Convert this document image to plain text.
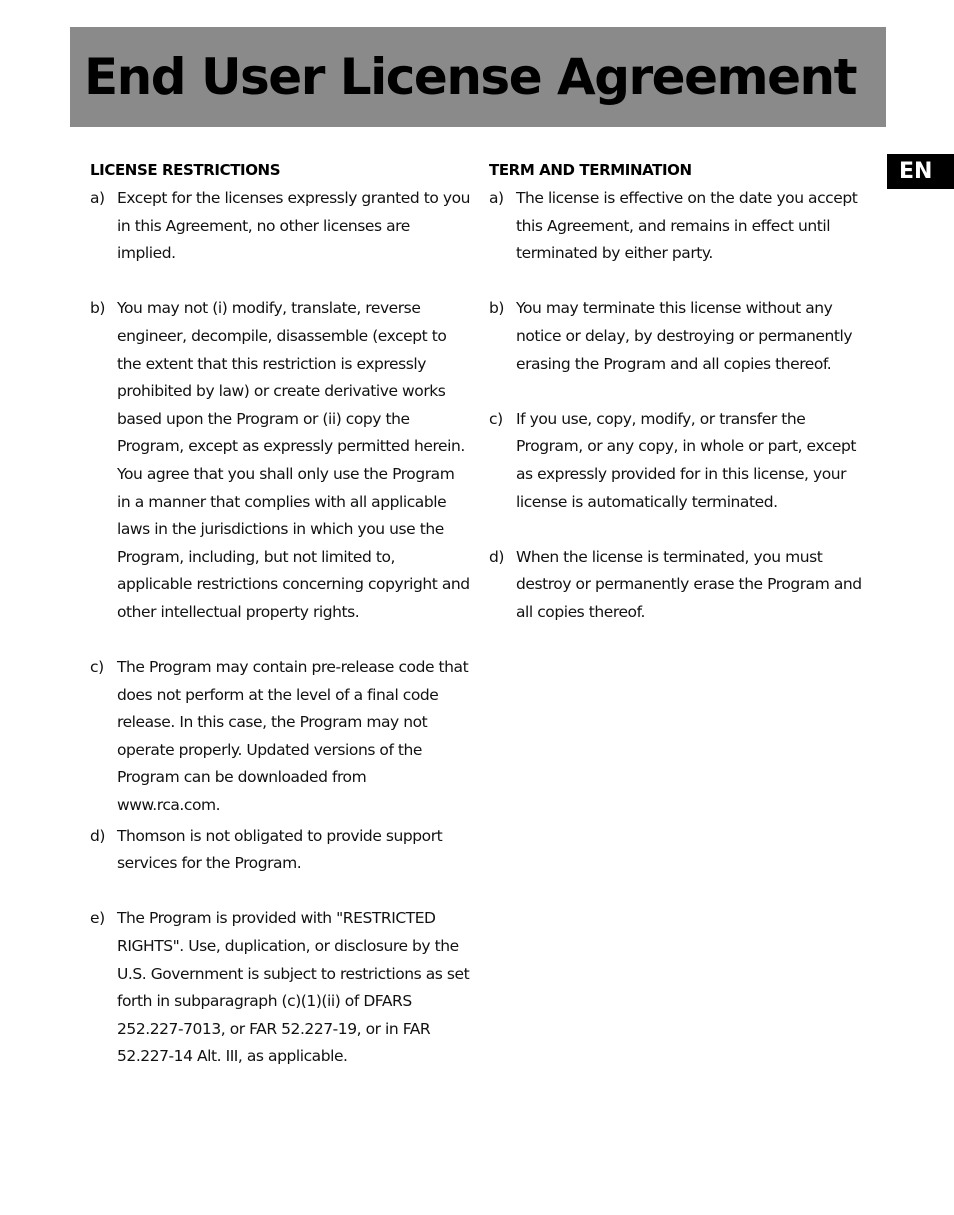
End User License Agreement
EN
LICENSE RESTRICTIONS
a) Except for the licenses expressly granted to you in this Agreement, no other licenses are implied.
b) You may not (i) modify, translate, reverse engineer, decompile, disassemble (except to the extent that this restriction is expressly prohibited by law) or create derivative works based upon the Program or (ii) copy the Program, except as expressly permitted herein. You agree that you shall only use the Program in a manner that complies with all applicable laws in the jurisdictions in which you use the Program, including, but not limited to, applicable restrictions concerning copyright and other intellectual property rights.
c) The Program may contain pre-release code that does not perform at the level of a final code release. In this case, the Program may not operate properly. Updated versions of the Program can be downloaded from www.rca.com.
d) Thomson is not obligated to provide support services for the Program.
e) The Program is provided with "RESTRICTED RIGHTS". Use, duplication, or disclosure by the U.S. Government is subject to restrictions as set forth in subparagraph (c)(1)(ii) of DFARS 252.227-7013, or FAR 52.227-19, or in FAR 52.227-14 Alt. III, as applicable.
TERM AND TERMINATION
a) The license is effective on the date you accept this Agreement, and remains in effect until terminated by either party.
b) You may terminate this license without any notice or delay, by destroying or permanently erasing the Program and all copies thereof.
c) If you use, copy, modify, or transfer the Program, or any copy, in whole or part, except as expressly provided for in this license, your license is automatically terminated.
d) When the license is terminated, you must destroy or permanently erase the Program and all copies thereof.
